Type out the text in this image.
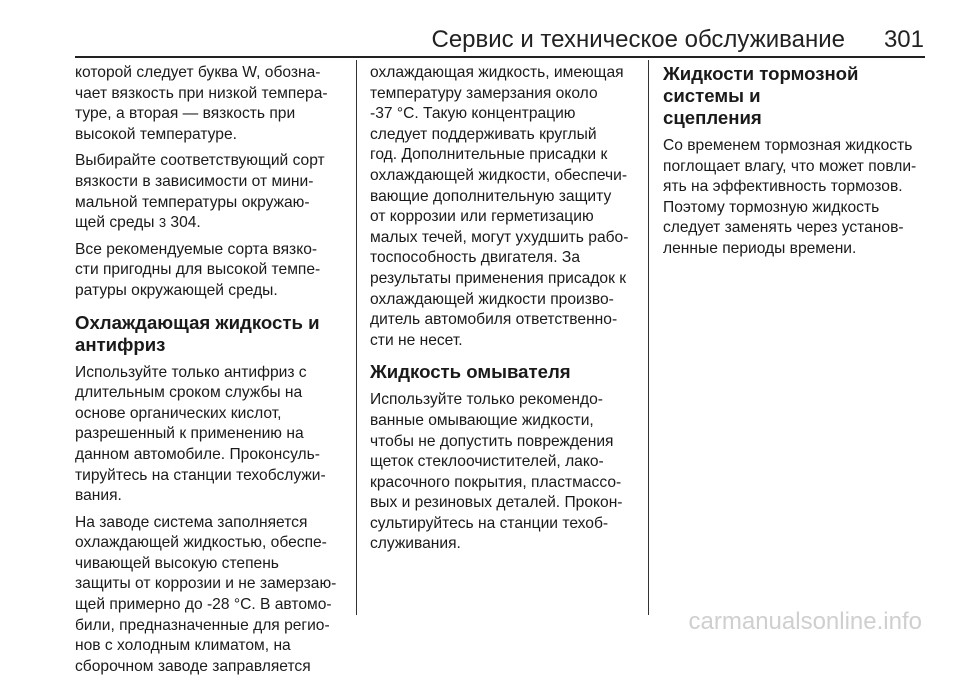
Сервис и техническое обслуживание 301

которой следует буква W, обозна-
чает вязкость при низкой темпера-
туре, а вторая — вязкость при
высокой температуре.

Выбирайте соответствующий сорт
вязкости в зависимости от мини-
мальной температуры окружаю-
щей среды 3 304.

Все рекомендуемые сорта вязко-
сти пригодны для высокой темпе-
ратуры окружающей среды.

Охлаждающая жидкость и
антифриз

Используйте только антифриз с
длительным сроком службы на
основе органических кислот,
разрешенный к применению на
данном автомобиле. Проконсуль-
тируйтесь на станции техобслужи-
вания.

На заводе система заполняется
охлаждающей жидкостью, обеспе-
чивающей высокую степень
защиты от коррозии и не замерзаю-
щей примерно до -28 °C. В автомо-
били, предназначенные для регио-
нов с холодным климатом, на
сборочном заводе заправляется

охлаждающая жидкость, имеющая
температуру замерзания около
-37 °C. Такую концентрацию
следует поддерживать круглый
год. Дополнительные присадки к
охлаждающей жидкости, обеспечи-
вающие дополнительную защиту
от коррозии или герметизацию
малых течей, могут ухудшить рабо-
тоспособность двигателя. За
результаты применения присадок к
охлаждающей жидкости произво-
дитель автомобиля ответственно-
сти не несет.

Жидкость омывателя

Используйте только рекомендо-
ванные омывающие жидкости,
чтобы не допустить повреждения
щеток стеклоочистителей, лако-
красочного покрытия, пластмассо-
вых и резиновых деталей. Прокон-
сультируйтесь на станции техоб-
служивания.

Жидкости тормозной системы и
сцепления

Со временем тормозная жидкость
поглощает влагу, что может повли-
ять на эффективность тормозов.
Поэтому тормозную жидкость
следует заменять через установ-
ленные периоды времени.

carmanualsonline.info
